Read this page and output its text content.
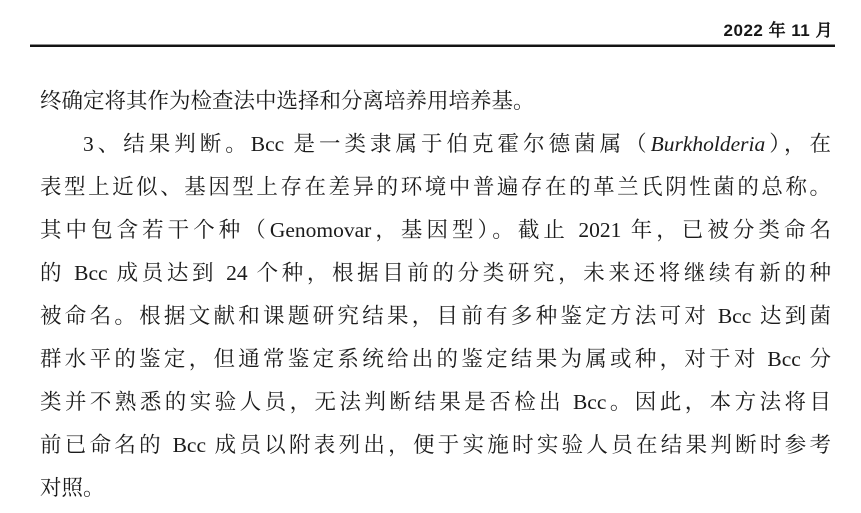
2022 年 11 月
终确定将其作为检查法中选择和分离培养用培养基。
3、结果判断。Bcc 是一类隶属于伯克霍尔德菌属（Burkholderia），在
表型上近似、基因型上存在差异的环境中普遍存在的革兰氏阴性菌的总称。
其中包含若干个种（Genomovar，基因型）。截止 2021 年，已被分类命名
的 Bcc 成员达到 24 个种，根据目前的分类研究，未来还将继续有新的种
被命名。根据文献和课题研究结果，目前有多种鉴定方法可对 Bcc 达到菌
群水平的鉴定，但通常鉴定系统给出的鉴定结果为属或种，对于对 Bcc 分
类并不熟悉的实验人员，无法判断结果是否检出 Bcc。因此，本方法将目
前已命名的 Bcc 成员以附表列出，便于实施时实验人员在结果判断时参考
对照。
